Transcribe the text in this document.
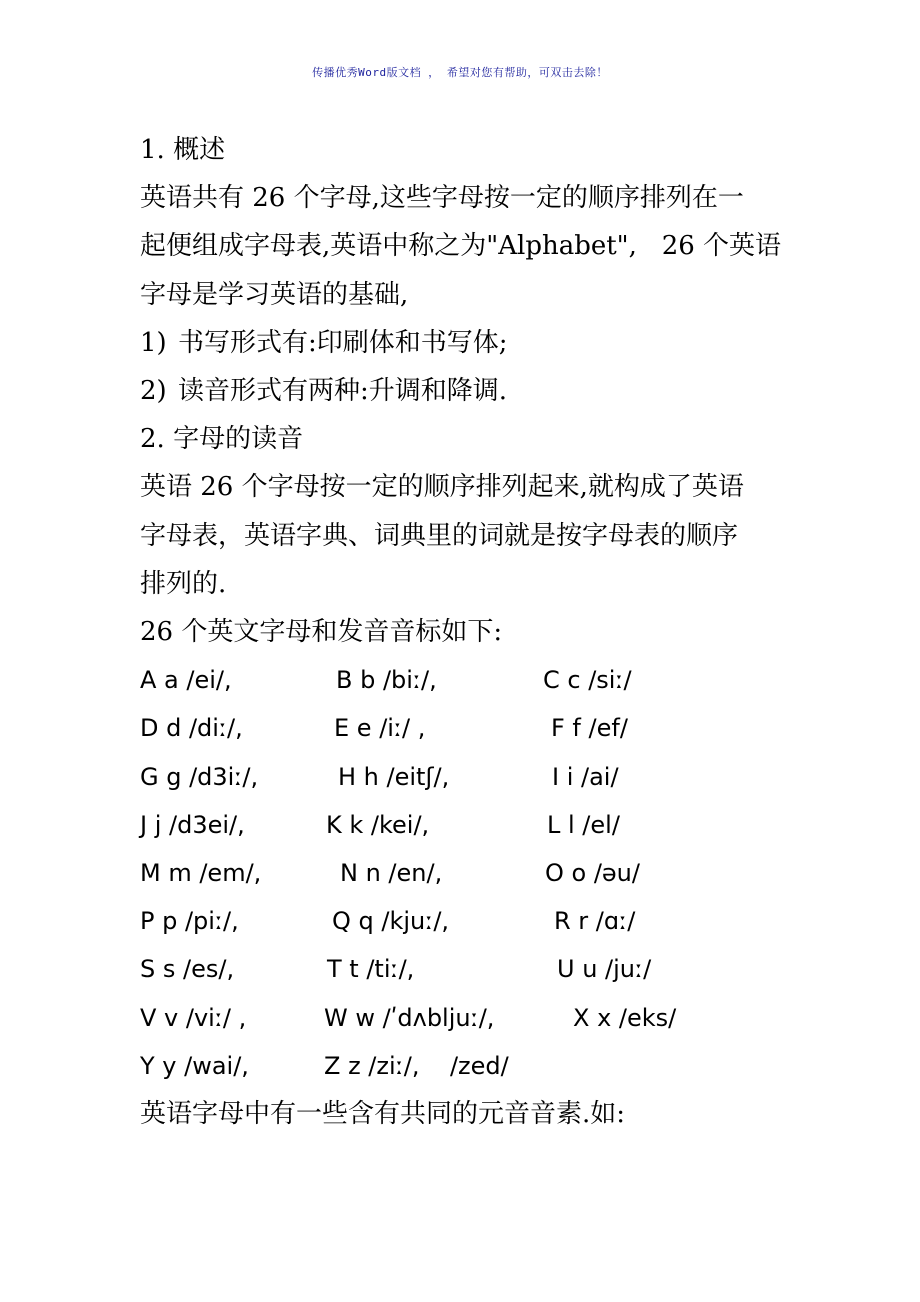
传播优秀Word版文档 ， 希望对您有帮助，可双击去除！

1. 概述

英语共有 26 个字母,这些字母按一定的顺序排列在一

起便组成字母表,英语中称之为"Alphabet",   26 个英语

字母是学习英语的基础,

1) 书写形式有:印刷体和书写体;

2) 读音形式有两种:升调和降调.

2. 字母的读音

英语 26 个字母按一定的顺序排列起来,就构成了英语

字母表，英语字典、词典里的词就是按字母表的顺序

排列的.

26 个英文字母和发音音标如下:

A a /ei/,	B b /biː/,	C c /siː/
D d /diː/,	E e /iː/ ,	F f /ef/
G g /d3iː/,	H h /eitʃ/,	I i /ai/
J j /d3ei/,	K k /kei/,	L l /el/
M m /em/,	N n /en/,	O o /əu/
P p /piː/,	Q q /kjuː/,	R r /ɑː/
S s /es/,	T t /tiː/,	U u /juː/
V v /viː/ ,	W w /ʹdʌbljuː/,	X x /eks/
Y y /wai/,	Z z /ziː/,    /zed/

英语字母中有一些含有共同的元音音素.如:
